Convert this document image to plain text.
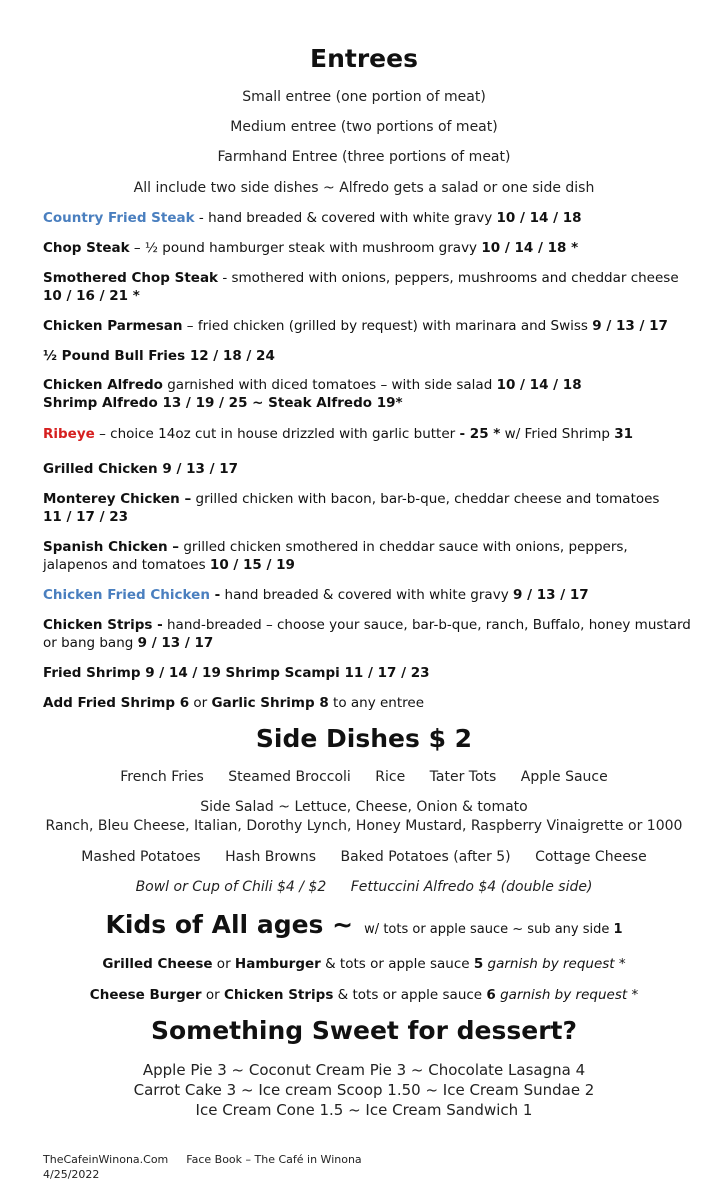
Entrees
Small entree (one portion of meat)
Medium entree (two portions of meat)
Farmhand Entree (three portions of meat)
All include two side dishes ~ Alfredo gets a salad or one side dish
Country Fried Steak - hand breaded & covered with white gravy 10 / 14 / 18
Chop Steak – ½ pound hamburger steak with mushroom gravy 10 / 14 / 18 *
Smothered Chop Steak - smothered with onions, peppers, mushrooms and cheddar cheese
10 / 16 / 21 *
Chicken Parmesan – fried chicken (grilled by request) with marinara and Swiss 9 / 13 / 17
½ Pound Bull Fries 12 / 18 / 24
Chicken Alfredo garnished with diced tomatoes – with side salad 10 / 14 / 18
Shrimp Alfredo 13 / 19 / 25 ~ Steak Alfredo 19*
Ribeye – choice 14oz cut in house drizzled with garlic butter - 25 * w/ Fried Shrimp 31
Grilled Chicken 9 / 13 / 17
Monterey Chicken – grilled chicken with bacon, bar-b-que, cheddar cheese and tomatoes
11 / 17 / 23
Spanish Chicken – grilled chicken smothered in cheddar sauce with onions, peppers, jalapenos and tomatoes 10 / 15 / 19
Chicken Fried Chicken - hand breaded & covered with white gravy 9 / 13 / 17
Chicken Strips - hand-breaded – choose your sauce, bar-b-que, ranch, Buffalo, honey mustard or bang bang 9 / 13 / 17
Fried Shrimp 9 / 14 / 19 Shrimp Scampi 11 / 17 / 23
Add Fried Shrimp 6 or Garlic Shrimp 8 to any entree
Side Dishes $ 2
French Fries Steamed Broccoli Rice Tater Tots Apple Sauce
Side Salad ~ Lettuce, Cheese, Onion & tomato
Ranch, Bleu Cheese, Italian, Dorothy Lynch, Honey Mustard, Raspberry Vinaigrette or 1000
Mashed Potatoes Hash Browns Baked Potatoes (after 5) Cottage Cheese
Bowl or Cup of Chili $4 / $2 Fettuccini Alfredo $4 (double side)
Kids of All ages ~ w/ tots or apple sauce ~ sub any side 1
Grilled Cheese or Hamburger & tots or apple sauce 5 garnish by request *
Cheese Burger or Chicken Strips & tots or apple sauce 6 garnish by request *
Something Sweet for dessert?
Apple Pie 3 ~ Coconut Cream Pie 3 ~ Chocolate Lasagna 4
Carrot Cake 3 ~ Ice cream Scoop 1.50 ~ Ice Cream Sundae 2
Ice Cream Cone 1.5 ~ Ice Cream Sandwich 1
TheCafeinWinona.Com Face Book – The Café in Winona
4/25/2022
